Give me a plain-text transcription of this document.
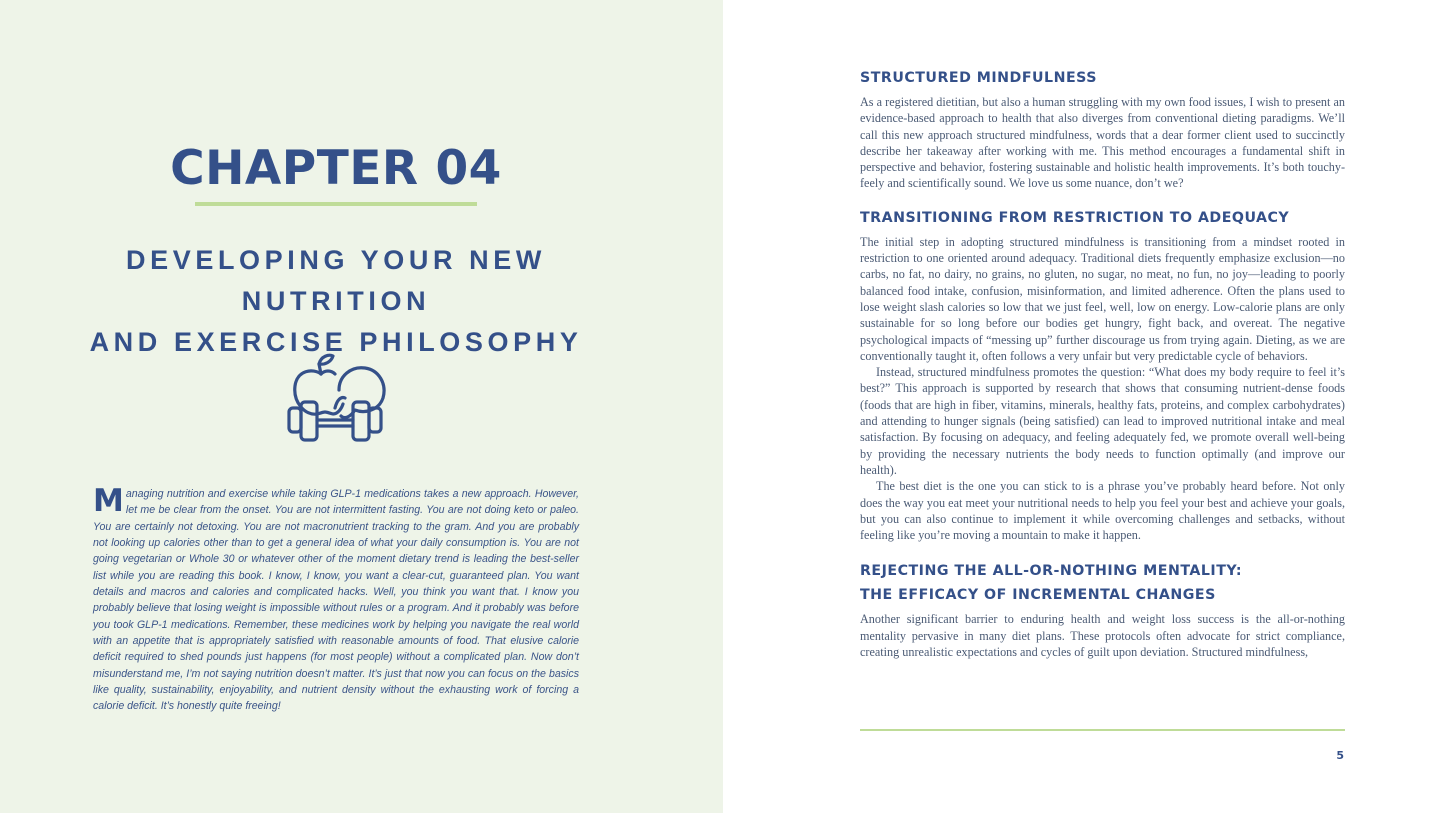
CHAPTER 04
DEVELOPING YOUR NEW NUTRITION
AND EXERCISE PHILOSOPHY

Managing nutrition and exercise while taking GLP-1 medications takes a new approach. However, let me be clear from the onset. You are not intermittent fasting. You are not doing keto or paleo. You are certainly not detoxing. You are not macronutrient tracking to the gram. And you are probably not looking up calories other than to get a general idea of what your daily consumption is. You are not going vegetarian or Whole 30 or whatever other of the moment dietary trend is leading the best-seller list while you are reading this book. I know, I know, you want a clear-cut, guaranteed plan. You want details and macros and calories and complicated hacks. Well, you think you want that. I know you probably believe that losing weight is impossible without rules or a program. And it probably was before you took GLP-1 medications. Remember, these medicines work by helping you navigate the real world with an appetite that is appropriately satisfied with reasonable amounts of food. That elusive calorie deficit required to shed pounds just happens (for most people) without a complicated plan. Now don’t misunderstand me, I’m not saying nutrition doesn’t matter. It’s just that now you can focus on the basics like quality, sustainability, enjoyability, and nutrient density without the exhausting work of forcing a calorie deficit. It’s honestly quite freeing!

STRUCTURED MINDFULNESS

As a registered dietitian, but also a human struggling with my own food issues, I wish to present an evidence-based approach to health that also diverges from conventional dieting paradigms. We’ll call this new approach structured mindfulness, words that a dear former client used to succinctly describe her takeaway after working with me. This method encourages a fundamental shift in perspective and behavior, fostering sustainable and holistic health improvements. It’s both touchy-feely and scientifically sound. We love us some nuance, don’t we?

TRANSITIONING FROM RESTRICTION TO ADEQUACY

The initial step in adopting structured mindfulness is transitioning from a mindset rooted in restriction to one oriented around adequacy. Traditional diets frequently emphasize exclusion—no carbs, no fat, no dairy, no grains, no gluten, no sugar, no meat, no fun, no joy—leading to poorly balanced food intake, confusion, misinformation, and limited adherence. Often the plans used to lose weight slash calories so low that we just feel, well, low on energy. Low-calorie plans are only sustainable for so long before our bodies get hungry, fight back, and overeat. The negative psychological impacts of “messing up” further discourage us from trying again. Dieting, as we are conventionally taught it, often follows a very unfair but very predictable cycle of behaviors.

Instead, structured mindfulness promotes the question: “What does my body require to feel it’s best?” This approach is supported by research that shows that consuming nutrient-dense foods (foods that are high in fiber, vitamins, minerals, healthy fats, proteins, and complex carbohydrates) and attending to hunger signals (being satisfied) can lead to improved nutritional intake and meal satisfaction. By focusing on adequacy, and feeling adequately fed, we promote overall well-being by providing the necessary nutrients the body needs to function optimally (and improve our health).

The best diet is the one you can stick to is a phrase you’ve probably heard before. Not only does the way you eat meet your nutritional needs to help you feel your best and achieve your goals, but you can also continue to implement it while overcoming challenges and setbacks, without feeling like you’re moving a mountain to make it happen.

REJECTING THE ALL-OR-NOTHING MENTALITY:
THE EFFICACY OF INCREMENTAL CHANGES

Another significant barrier to enduring health and weight loss success is the all-or-nothing mentality pervasive in many diet plans. These protocols often advocate for strict compliance, creating unrealistic expectations and cycles of guilt upon deviation. Structured mindfulness,

5
